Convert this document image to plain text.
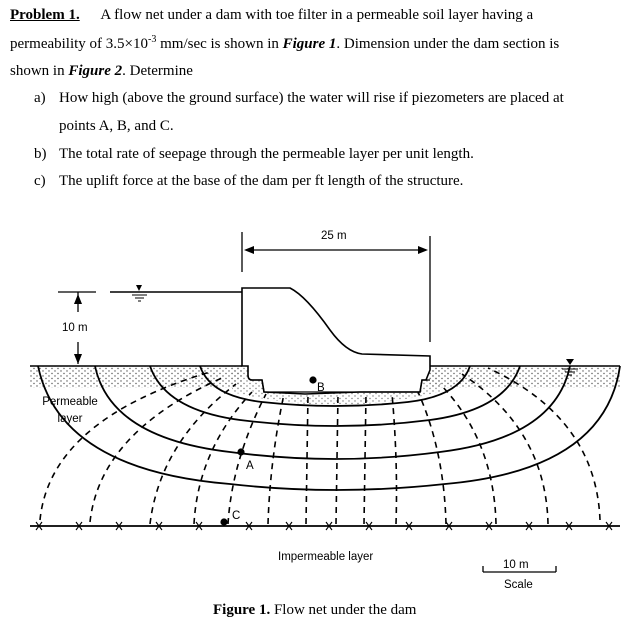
Problem 1. A flow net under a dam with toe filter in a permeable soil layer having a
permeability of $3.5\times 10^{-3}$ mm/sec is shown in Figure 1. Dimension under the dam section is
shown in Figure 2. Determine
a) How high (above the ground surface) the water will rise if piezometers are placed at
points A, B, and C.
b) The total rate of seepage through the permeable layer per unit length.
c) The uplift force at the base of the dam per ft length of the structure.
25 m
10 m
Permeable
layer
A
B
C
Impermeable layer
10 m
Scale
Figure 1. Flow net under the dam
